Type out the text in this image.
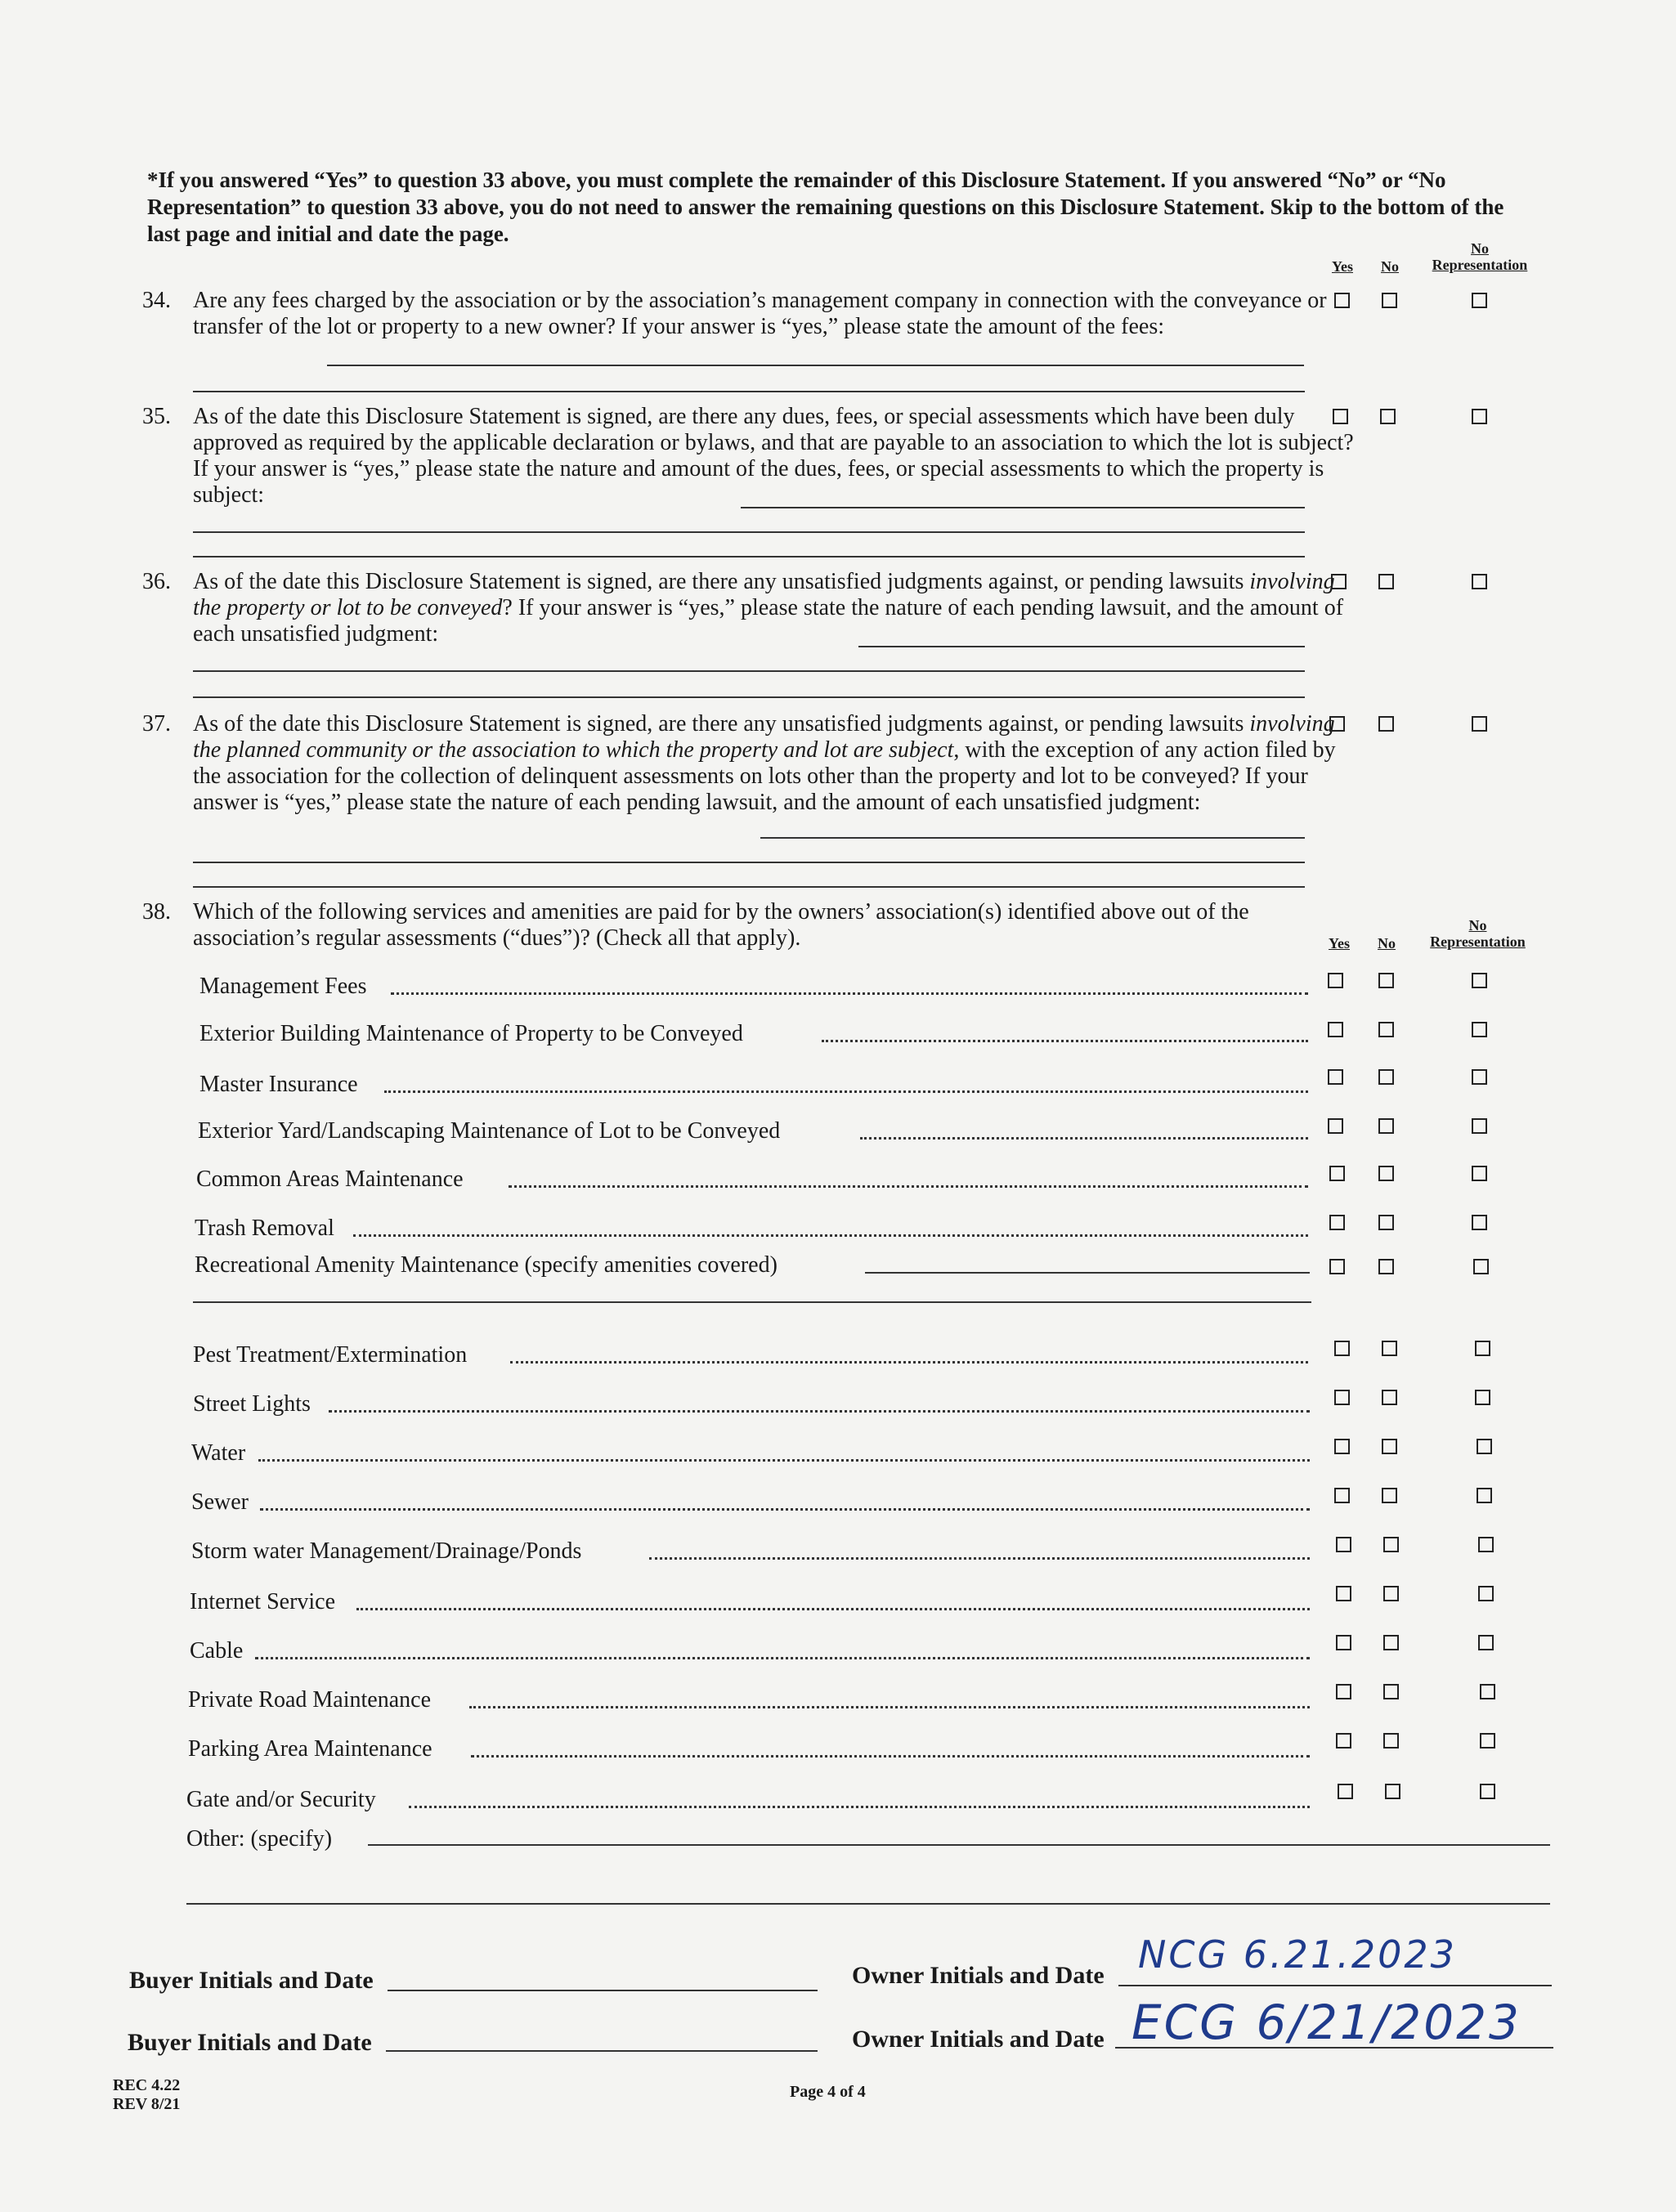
*If you answered “Yes” to question 33 above, you must complete the remainder of this Disclosure Statement. If you answered “No” or “No Representation” to question 33 above, you do not need to answer the remaining questions on this Disclosure Statement. Skip to the bottom of the last page and initial and date the page.
Yes	No
No
Representation
34. Are any fees charged by the association or by the association’s management company in connection with the conveyance or transfer of the lot or property to a new owner? If your answer is “yes,” please state the amount of the fees:
35. As of the date this Disclosure Statement is signed, are there any dues, fees, or special assessments which have been duly approved as required by the applicable declaration or bylaws, and that are payable to an association to which the lot is subject? If your answer is “yes,” please state the nature and amount of the dues, fees, or special assessments to which the property is subject:
36. As of the date this Disclosure Statement is signed, are there any unsatisfied judgments against, or pending lawsuits involving the property or lot to be conveyed? If your answer is “yes,” please state the nature of each pending lawsuit, and the amount of each unsatisfied judgment:
37. As of the date this Disclosure Statement is signed, are there any unsatisfied judgments against, or pending lawsuits involving the planned community or the association to which the property and lot are subject, with the exception of any action filed by the association for the collection of delinquent assessments on lots other than the property and lot to be conveyed? If your answer is “yes,” please state the nature of each pending lawsuit, and the amount of each unsatisfied judgment:
38. Which of the following services and amenities are paid for by the owners’ association(s) identified above out of the association’s regular assessments (“dues”)? (Check all that apply).	Yes	No
No
Representation
Management Fees
Exterior Building Maintenance of Property to be Conveyed
Master Insurance
Exterior Yard/Landscaping Maintenance of Lot to be Conveyed
Common Areas Maintenance
Trash Removal
Recreational Amenity Maintenance (specify amenities covered)
Pest Treatment/Extermination
Street Lights
Water
Sewer
Storm water Management/Drainage/Ponds
Internet Service
Cable
Private Road Maintenance
Parking Area Maintenance
Gate and/or Security
Other: (specify)
Buyer Initials and Date
Buyer Initials and Date
Owner Initials and Date NCG 6.21.2023
Owner Initials and Date ECG 6/21/2023
REC 4.22
REV 8/21
Page 4 of 4
